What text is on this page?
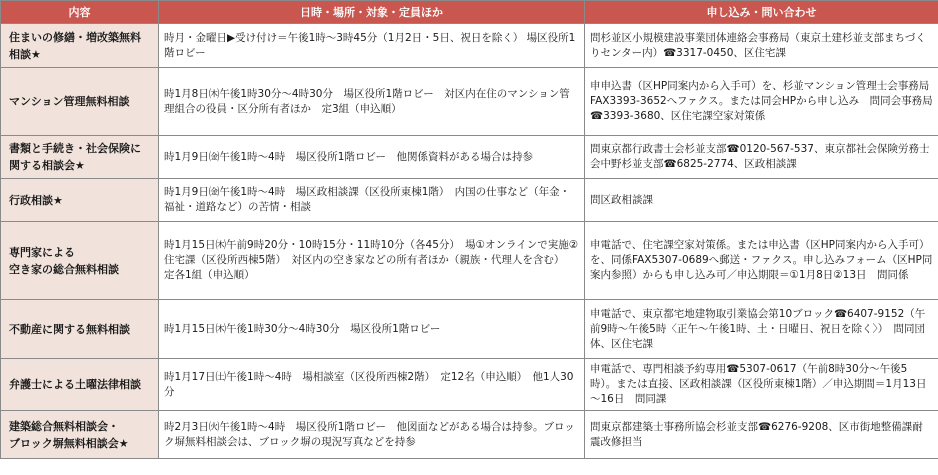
内容	日時・場所・対象・定員ほか	申し込み・問い合わせ
住まいの修繕・増改築無料相談★	時月・金曜日▶受け付け＝午後1時～3時45分（1月2日・5日、祝日を除く） 場区役所1階ロビー	問杉並区小規模建設事業団体連絡会事務局（東京土建杉並支部まちづくりセンター内）☎3317-0450、区住宅課
マンション管理無料相談	時1月8日㈭午後1時30分～4時30分　場区役所1階ロビー　対区内在住のマンション管理組合の役員・区分所有者ほか　定3組（申込順）	申申込書（区HP同案内から入手可）を、杉並マンション管理士会事務局FAX3393-3652へファクス。または同会HPから申し込み　問同会事務局☎3393-3680、区住宅課空家対策係
書類と手続き・社会保険に関する相談会★	時1月9日㈮午後1時～4時　場区役所1階ロビー　他関係資料がある場合は持参	問東京都行政書士会杉並支部☎0120-567-537、東京都社会保険労務士会中野杉並支部☎6825-2774、区政相談課
行政相談★	時1月9日㈮午後1時～4時　場区政相談課（区役所東棟1階）　内国の仕事など（年金・福祉・道路など）の苦情・相談	問区政相談課
専門家による
空き家の総合無料相談	時1月15日㈭午前9時20分・10時15分・11時10分（各45分）　場①オンラインで実施②住宅課（区役所西棟5階）　対区内の空き家などの所有者ほか（親族・代理人を含む）　定各1組（申込順）	申電話で、住宅課空家対策係。または申込書（区HP同案内から入手可）を、同係FAX5307-0689へ郵送・ファクス。申し込みフォーム（区HP同案内参照）からも申し込み可／申込期限＝①1月8日②13日　問同係
不動産に関する無料相談	時1月15日㈭午後1時30分～4時30分　場区役所1階ロビー	申電話で、東京都宅地建物取引業協会第10ブロック☎6407-9152（午前9時～午後5時〈正午～午後1時、土・日曜日、祝日を除く〉）　問同団体、区住宅課
弁護士による土曜法律相談	時1月17日㈯午後1時～4時　場相談室（区役所西棟2階）　定12名（申込順）　他1人30分	申電話で、専門相談予約専用☎5307-0617（午前8時30分～午後5時）。または直接、区政相談課（区役所東棟1階）／申込期間＝1月13日～16日　問同課
建築総合無料相談会・
ブロック塀無料相談会★	時2月3日㈫午後1時～4時　場区役所1階ロビー　他図面などがある場合は持参。ブロック塀無料相談会は、ブロック塀の現況写真などを持参	問東京都建築士事務所協会杉並支部☎6276-9208、区市街地整備課耐震改修担当
